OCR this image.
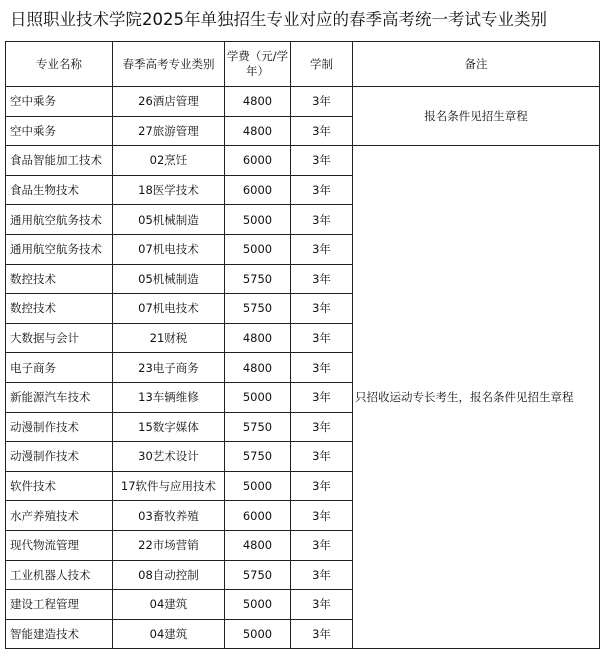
日照职业技术学院2025年单独招生专业对应的春季高考统一考试专业类别
专业名称	春季高考专业类别	学费（元/学年）	学制	备注
空中乘务	26酒店管理	4800	3年	报名条件见招生章程
空中乘务	27旅游管理	4800	3年	
食品智能加工技术	02烹饪	6000	3年	只招收运动专长考生，报名条件见招生章程
食品生物技术	18医学技术	6000	3年	
通用航空航务技术	05机械制造	5000	3年	
通用航空航务技术	07机电技术	5000	3年	
数控技术	05机械制造	5750	3年	
数控技术	07机电技术	5750	3年	
大数据与会计	21财税	4800	3年	
电子商务	23电子商务	4800	3年	
新能源汽车技术	13车辆维修	5000	3年	
动漫制作技术	15数字媒体	5750	3年	
动漫制作技术	30艺术设计	5750	3年	
软件技术	17软件与应用技术	5000	3年	
水产养殖技术	03畜牧养殖	6000	3年	
现代物流管理	22市场营销	4800	3年	
工业机器人技术	08自动控制	5750	3年	
建设工程管理	04建筑	5000	3年	
智能建造技术	04建筑	5000	3年	
